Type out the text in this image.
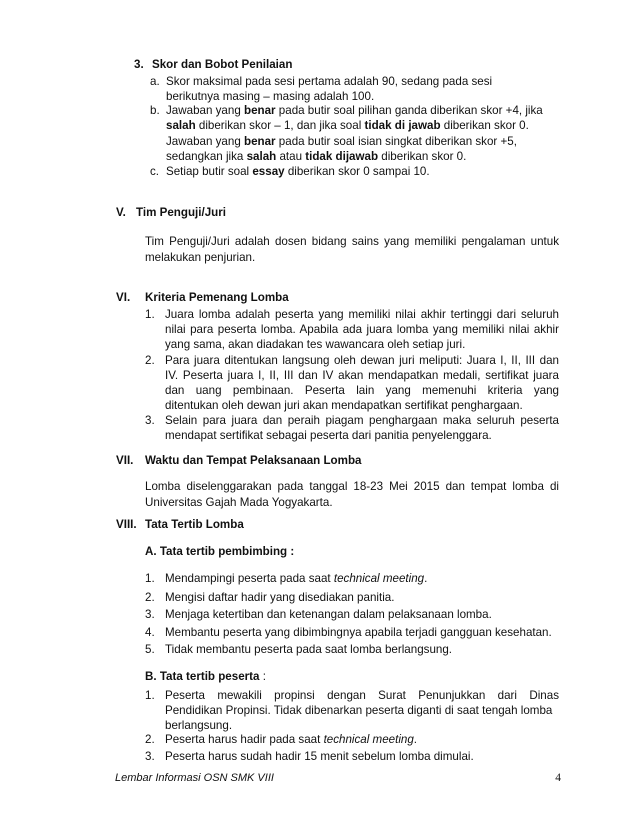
3. Skor dan Bobot Penilaian
a. Skor maksimal pada sesi pertama adalah 90, sedang pada sesi
berikutnya masing – masing adalah 100.
b. Jawaban yang benar pada butir soal pilihan ganda diberikan skor +4, jika
salah diberikan skor – 1, dan jika soal tidak di jawab diberikan skor 0.
Jawaban yang benar pada butir soal isian singkat diberikan skor +5,
sedangkan jika salah atau tidak dijawab diberikan skor 0.
c. Setiap butir soal essay diberikan skor 0 sampai 10.
V. Tim Penguji/Juri
Tim Penguji/Juri adalah dosen bidang sains yang memiliki pengalaman untuk
melakukan penjurian.
VI. Kriteria Pemenang Lomba
1. Juara lomba adalah peserta yang memiliki nilai akhir tertinggi dari seluruh
nilai para peserta lomba. Apabila ada juara lomba yang memiliki nilai akhir
yang sama, akan diadakan tes wawancara oleh setiap juri.
2. Para juara ditentukan langsung oleh dewan juri meliputi: Juara I, II, III dan
IV. Peserta juara I, II, III dan IV akan mendapatkan medali, sertifikat juara
dan uang pembinaan. Peserta lain yang memenuhi kriteria yang
ditentukan oleh dewan juri akan mendapatkan sertifikat penghargaan.
3. Selain para juara dan peraih piagam penghargaan maka seluruh peserta
mendapat sertifikat sebagai peserta dari panitia penyelenggara.
VII. Waktu dan Tempat Pelaksanaan Lomba
Lomba diselenggarakan pada tanggal 18-23 Mei 2015 dan tempat lomba di
Universitas Gajah Mada Yogyakarta.
VIII. Tata Tertib Lomba
A. Tata tertib pembimbing :
1. Mendampingi peserta pada saat technical meeting.
2. Mengisi daftar hadir yang disediakan panitia.
3. Menjaga ketertiban dan ketenangan dalam pelaksanaan lomba.
4. Membantu peserta yang dibimbingnya apabila terjadi gangguan kesehatan.
5. Tidak membantu peserta pada saat lomba berlangsung.
B. Tata tertib peserta :
1. Peserta mewakili propinsi dengan Surat Penunjukkan dari Dinas
Pendidikan Propinsi. Tidak dibenarkan peserta diganti di saat tengah lomba
berlangsung.
2. Peserta harus hadir pada saat technical meeting.
3. Peserta harus sudah hadir 15 menit sebelum lomba dimulai.
Lembar Informasi OSN SMK VIII	4
